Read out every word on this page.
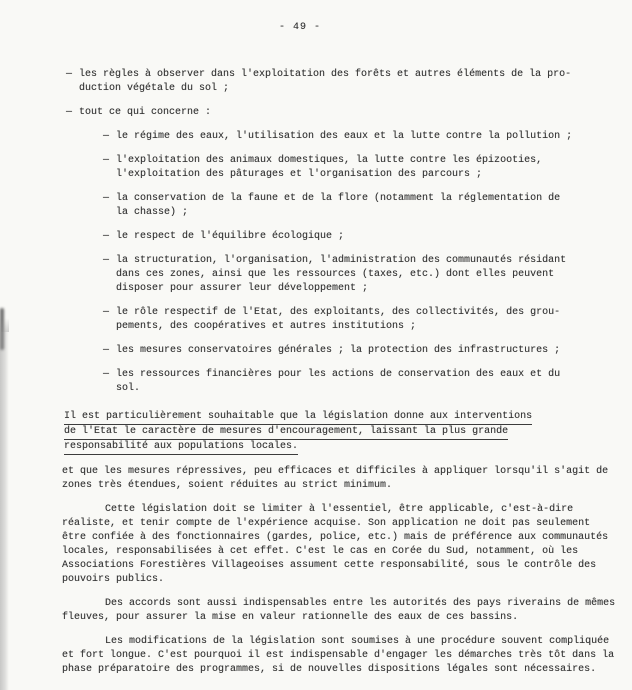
- 49 -
— les règles à observer dans l'exploitation des forêts et autres éléments de la pro-
duction végétale du sol ;
— tout ce qui concerne :
— le régime des eaux, l'utilisation des eaux et la lutte contre la pollution ;
— l'exploitation des animaux domestiques, la lutte contre les épizooties,
l'exploitation des pâturages et l'organisation des parcours ;
— la conservation de la faune et de la flore (notamment la réglementation de
la chasse) ;
— le respect de l'équilibre écologique ;
— la structuration, l'organisation, l'administration des communautés résidant
dans ces zones, ainsi que les ressources (taxes, etc.) dont elles peuvent
disposer pour assurer leur développement ;
— le rôle respectif de l'Etat, des exploitants, des collectivités, des grou-
pements, des coopératives et autres institutions ;
— les mesures conservatoires générales ; la protection des infrastructures ;
— les ressources financières pour les actions de conservation des eaux et du
sol.
Il est particulièrement souhaitable que la législation donne aux interventions
de l'Etat le caractère de mesures d'encouragement, laissant la plus grande
responsabilité aux populations locales.
et que les mesures répressives, peu efficaces et difficiles à appliquer lorsqu'il s'agit de
zones très étendues, soient réduites au strict minimum.
Cette législation doit se limiter à l'essentiel, être applicable, c'est-à-dire
réaliste, et tenir compte de l'expérience acquise. Son application ne doit pas seulement
être confiée à des fonctionnaires (gardes, police, etc.) mais de préférence aux communautés
locales, responsabilisées à cet effet. C'est le cas en Corée du Sud, notamment, où les
Associations Forestières Villageoises assument cette responsabilité, sous le contrôle des
pouvoirs publics.
Des accords sont aussi indispensables entre les autorités des pays riverains de mêmes
fleuves, pour assurer la mise en valeur rationnelle des eaux de ces bassins.
Les modifications de la législation sont soumises à une procédure souvent compliquée
et fort longue. C'est pourquoi il est indispensable d'engager les démarches très tôt dans la
phase préparatoire des programmes, si de nouvelles dispositions légales sont nécessaires.
